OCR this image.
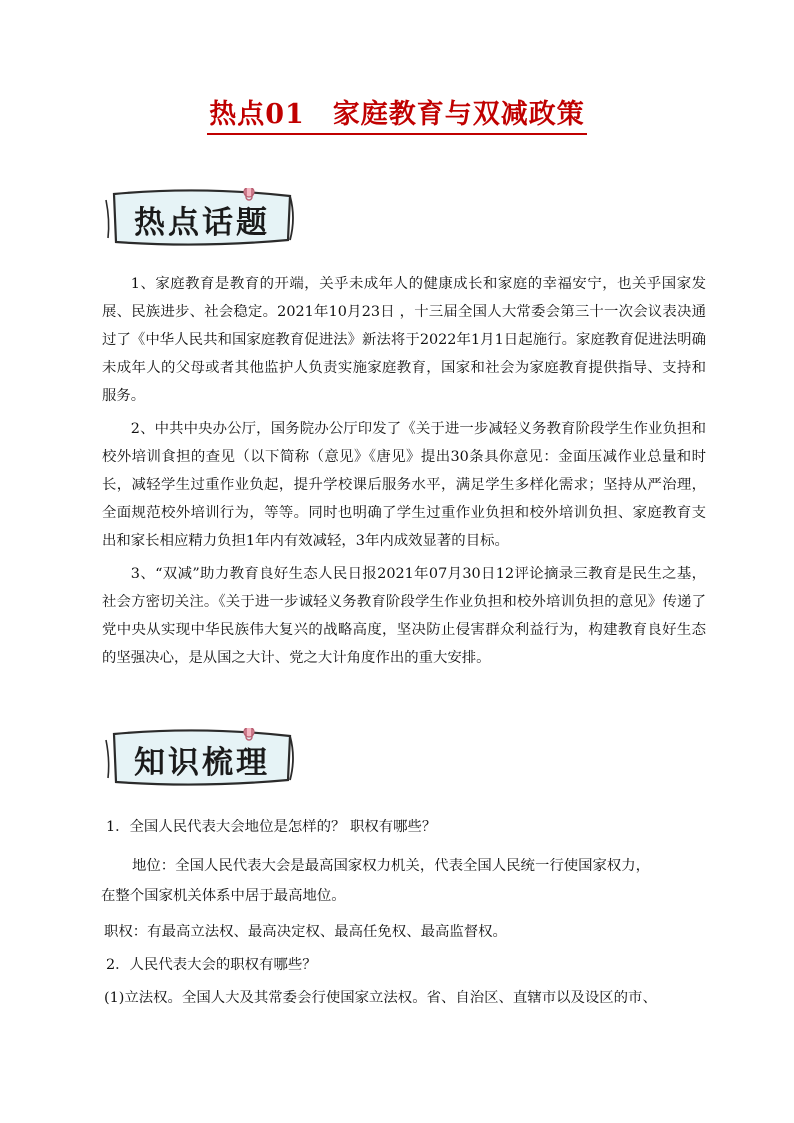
热点01　家庭教育与双减政策
热点话题

1、家庭教育是教育的开端，关乎未成年人的健康成长和家庭的幸福安宁，也关乎国家发展、民族进步、社会稳定。2021年10月23日 ，十三届全国人大常委会第三十一次会议表决通过了《中华人民共和国家庭教育促进法》新法将于2022年1月1日起施行。家庭教育促进法明确未成年人的父母或者其他监护人负责实施家庭教育，国家和社会为家庭教育提供指导、支持和服务。

2、中共中央办公厅，国务院办公厅印发了《关于进一步减轻义务教育阶段学生作业负担和校外培训食担的查见（以下简称（意见》《唐见》提出30条具你意见：金面压减作业总量和时长，减轻学生过重作业负起，提升学校课后服务水平，满足学生多样化需求；坚持从严治理，全面规范校外培训行为，等等。同时也明确了学生过重作业负担和校外培训负担、家庭教育支出和家长相应精力负担1年内有效减轻，3年内成效显著的目标。

3、“双减”助力教育良好生态人民日报2021年07月30日12评论摘录三教育是民生之基，社会方密切关注。《关于进一步诚轻义务教育阶段学生作业负担和校外培训负担的意见》传递了党中央从实现中华民族伟大复兴的战略高度，坚决防止侵害群众利益行为，构建教育良好生态的坚强决心，是从国之大计、党之大计角度作出的重大安排。

知识梳理

1．全国人民代表大会地位是怎样的？ 职权有哪些？

地位：全国人民代表大会是最高国家权力机关，代表全国人民统一行使国家权力，

在整个国家机关体系中居于最高地位。

职权：有最高立法权、最高决定权、最高任免权、最高监督权。

2．人民代表大会的职权有哪些？

(1)立法权。全国人大及其常委会行使国家立法权。省、自治区、直辖市以及设区的市、
